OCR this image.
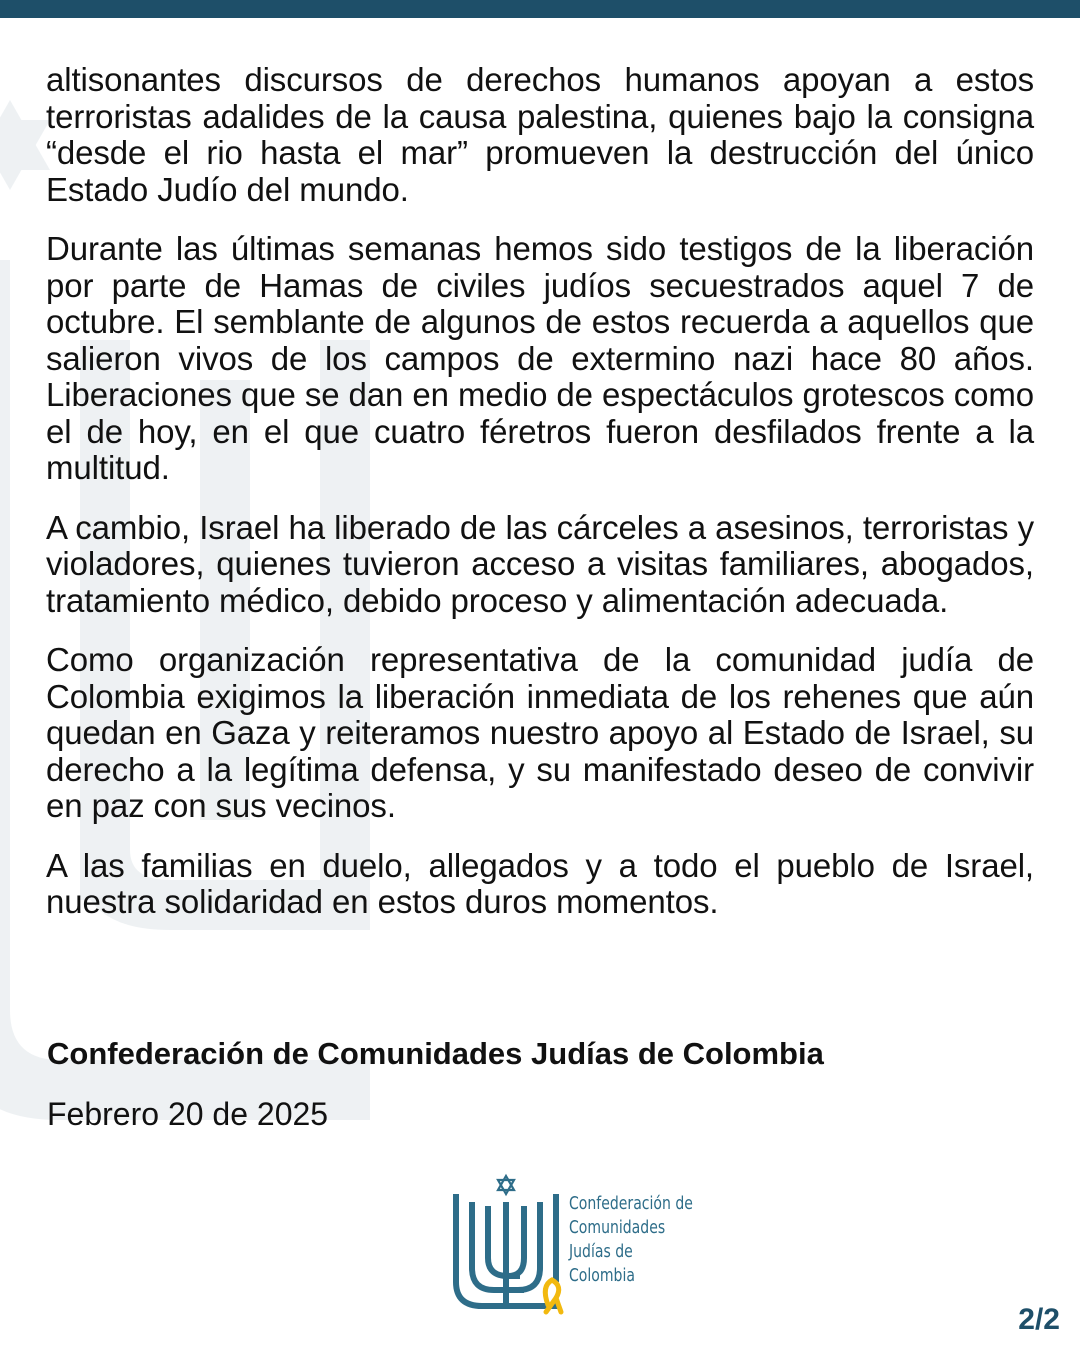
altisonantes discursos de derechos humanos apoyan a estos terroristas adalides de la causa palestina, quienes bajo la consigna “desde el rio hasta el mar” promueven la destrucción del único Estado Judío del mundo.

Durante las últimas semanas hemos sido testigos de la liberación por parte de Hamas de civiles judíos secuestrados aquel 7 de octubre. El semblante de algunos de estos recuerda a aquellos que salieron vivos de los campos de extermino nazi hace 80 años. Liberaciones que se dan en medio de espectáculos grotescos como el de hoy, en el que cuatro féretros fueron desfilados frente a la multitud.

A cambio, Israel ha liberado de las cárceles a asesinos, terroristas y violadores, quienes tuvieron acceso a visitas familiares, abogados, tratamiento médico, debido proceso y alimentación adecuada.

Como organización representativa de la comunidad judía de Colombia exigimos la liberación inmediata de los rehenes que aún quedan en Gaza y reiteramos nuestro apoyo al Estado de Israel, su derecho a la legítima defensa, y su manifestado deseo de convivir en paz con sus vecinos.

A las familias en duelo, allegados y a todo el pueblo de Israel, nuestra solidaridad en estos duros momentos.

Confederación de Comunidades Judías de Colombia
Febrero 20 de 2025
Confederación de
Comunidades
Judías de
Colombia
2/2
